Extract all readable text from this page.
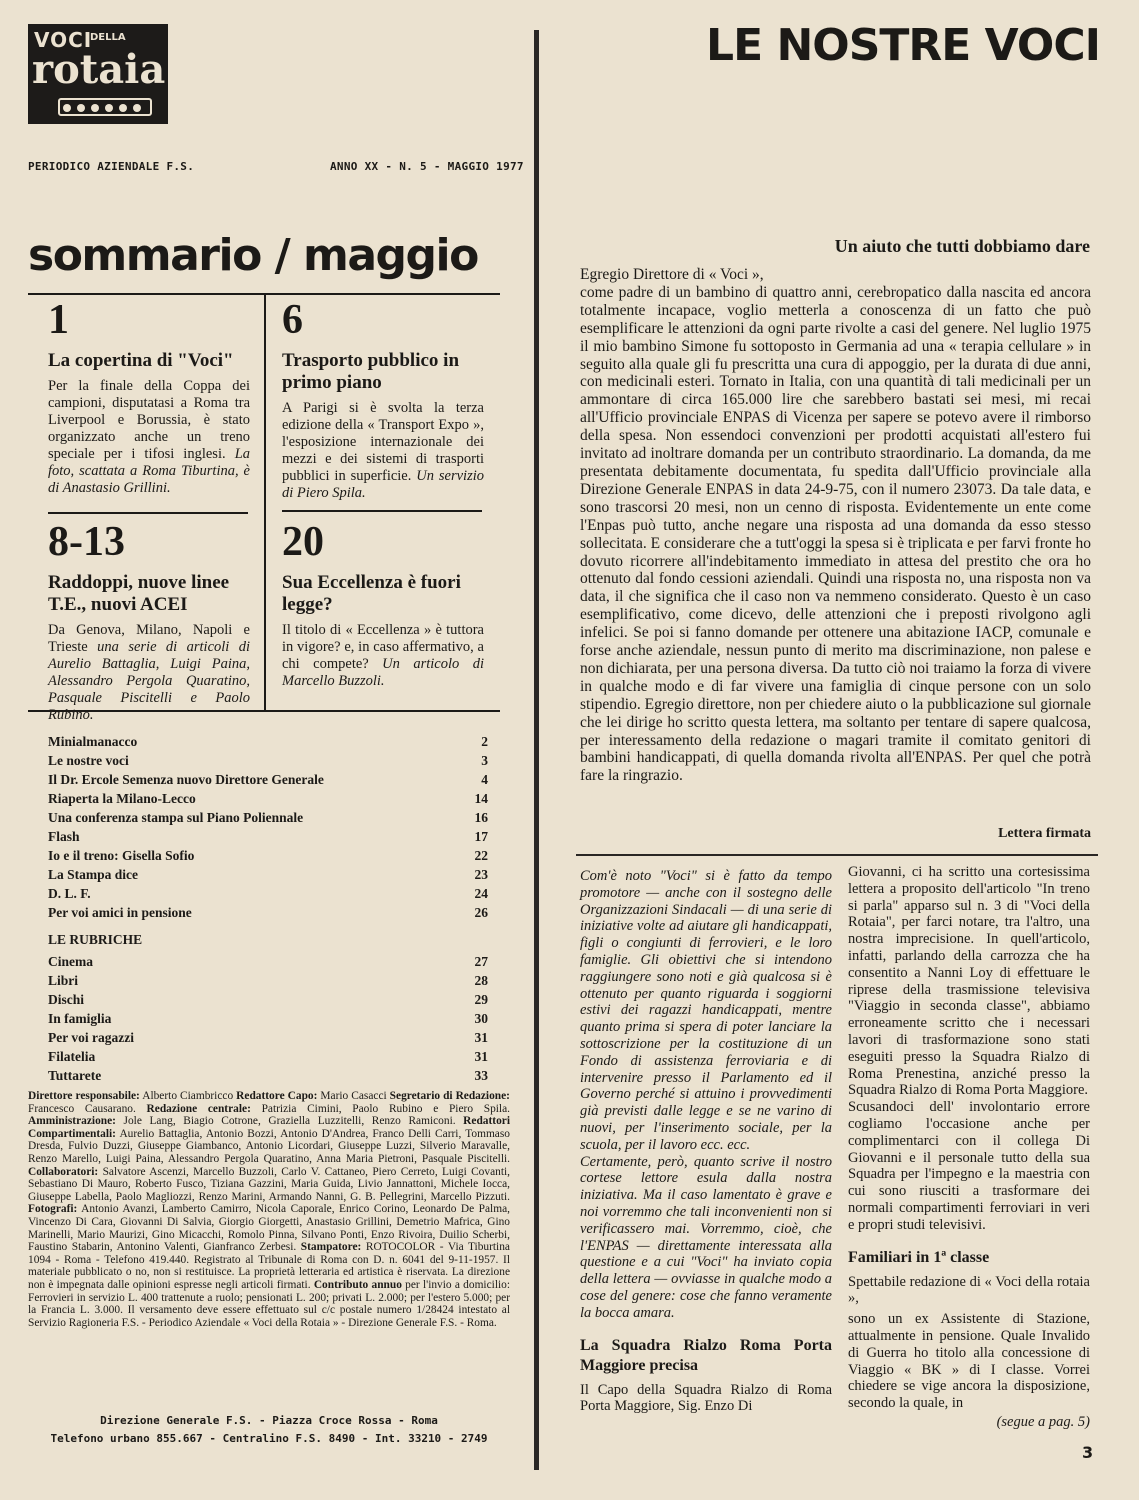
VOCI
DELLA
rotaia
PERIODICO AZIENDALE F.S.	ANNO XX - N. 5 - MAGGIO 1977
sommario / maggio
1
La copertina di "Voci"
Per la finale della Coppa dei campioni, disputatasi a Roma tra Liverpool e Borussia, è stato organizzato anche un treno speciale per i tifosi inglesi. La foto, scattata a Roma Tiburtina, è di Anastasio Grillini.
6
Trasporto pubblico in primo piano
A Parigi si è svolta la terza edizione della « Transport Expo », l'esposizione internazionale dei mezzi e dei sistemi di trasporti pubblici in superficie. Un servizio di Piero Spila.
8-13
Raddoppi, nuove linee T.E., nuovi ACEI
Da Genova, Milano, Napoli e Trieste una serie di articoli di Aurelio Battaglia, Luigi Paina, Alessandro Pergola Quaratino, Pasquale Piscitelli e Paolo Rubino.
20
Sua Eccellenza è fuori legge?
Il titolo di « Eccellenza » è tuttora in vigore? e, in caso affermativo, a chi compete? Un articolo di Marcello Buzzoli.
Minialmanacco	2
Le nostre voci	3
Il Dr. Ercole Semenza nuovo Direttore Generale	4
Riaperta la Milano-Lecco	14
Una conferenza stampa sul Piano Poliennale	16
Flash	17
Io e il treno: Gisella Sofio	22
La Stampa dice	23
D. L. F.	24
Per voi amici in pensione	26
LE RUBRICHE
Cinema	27
Libri	28
Dischi	29
In famiglia	30
Per voi ragazzi	31
Filatelia	31
Tuttarete	33
Direttore responsabile: Alberto Ciambricco Redattore Capo: Mario Casacci Segretario di Redazione: Francesco Causarano. Redazione centrale: Patrizia Cimini, Paolo Rubino e Piero Spila. Amministrazione: Jole Lang, Biagio Cotrone, Graziella Luzzitelli, Renzo Ramiconi. Redattori Compartimentali: Aurelio Battaglia, Antonio Bozzi, Antonio D'Andrea, Franco Delli Carri, Tommaso Dresda, Fulvio Duzzi, Giuseppe Giambanco, Antonio Licordari, Giuseppe Luzzi, Silverio Maravalle, Renzo Marello, Luigi Paina, Alessandro Pergola Quaratino, Anna Maria Pietroni, Pasquale Piscitelli. Collaboratori: Salvatore Ascenzi, Marcello Buzzoli, Carlo V. Cattaneo, Piero Cerreto, Luigi Covanti, Sebastiano Di Mauro, Roberto Fusco, Tiziana Gazzini, Maria Guida, Livio Jannattoni, Michele Iocca, Giuseppe Labella, Paolo Magliozzi, Renzo Marini, Armando Nanni, G. B. Pellegrini, Marcello Pizzuti. Fotografi: Antonio Avanzi, Lamberto Camirro, Nicola Caporale, Enrico Corino, Leonardo De Palma, Vincenzo Di Cara, Giovanni Di Salvia, Giorgio Giorgetti, Anastasio Grillini, Demetrio Mafrica, Gino Marinelli, Mario Maurizi, Gino Micacchi, Romolo Pinna, Silvano Ponti, Enzo Rivoira, Duilio Scherbi, Faustino Stabarin, Antonino Valenti, Gianfranco Zerbesi. Stampatore: ROTOCOLOR - Via Tiburtina 1094 - Roma - Telefono 419.440. Registrato al Tribunale di Roma con D. n. 6041 del 9-11-1957. Il materiale pubblicato o no, non si restituisce. La proprietà letteraria ed artistica è riservata. La direzione non è impegnata dalle opinioni espresse negli articoli firmati. Contributo annuo per l'invio a domicilio: Ferrovieri in servizio L. 400 trattenute a ruolo; pensionati L. 200; privati L. 2.000; per l'estero 5.000; per la Francia L. 3.000. Il versamento deve essere effettuato sul c/c postale numero 1/28424 intestato al Servizio Ragioneria F.S. - Periodico Aziendale « Voci della Rotaia » - Direzione Generale F.S. - Roma.
Direzione Generale F.S. - Piazza Croce Rossa - Roma
Telefono urbano 855.667 - Centralino F.S. 8490 - Int. 33210 - 2749
LE NOSTRE VOCI
Un aiuto che tutti dobbiamo dare

Egregio Direttore di « Voci »,

come padre di un bambino di quattro anni, cerebropatico dalla nascita ed ancora totalmente incapace, voglio metterla a conoscenza di un fatto che può esemplificare le attenzioni da ogni parte rivolte a casi del genere. Nel luglio 1975 il mio bambino Simone fu sottoposto in Germania ad una « terapia cellulare » in seguito alla quale gli fu prescritta una cura di appoggio, per la durata di due anni, con medicinali esteri. Tornato in Italia, con una quantità di tali medicinali per un ammontare di circa 165.000 lire che sarebbero bastati sei mesi, mi recai all'Ufficio provinciale ENPAS di Vicenza per sapere se potevo avere il rimborso della spesa. Non essendoci convenzioni per prodotti acquistati all'estero fui invitato ad inoltrare domanda per un contributo straordinario. La domanda, da me presentata debitamente documentata, fu spedita dall'Ufficio provinciale alla Direzione Generale ENPAS in data 24-9-75, con il numero 23073. Da tale data, e sono trascorsi 20 mesi, non un cenno di risposta. Evidentemente un ente come l'Enpas può tutto, anche negare una risposta ad una domanda da esso stesso sollecitata. E considerare che a tutt'oggi la spesa si è triplicata e per farvi fronte ho dovuto ricorrere all'indebitamento immediato in attesa del prestito che ora ho ottenuto dal fondo cessioni aziendali. Quindi una risposta no, una risposta non va data, il che significa che il caso non va nemmeno considerato. Questo è un caso esemplificativo, come dicevo, delle attenzioni che i preposti rivolgono agli infelici. Se poi si fanno domande per ottenere una abitazione IACP, comunale e forse anche aziendale, nessun punto di merito ma discriminazione, non palese e non dichiarata, per una persona diversa. Da tutto ciò noi traiamo la forza di vivere in qualche modo e di far vivere una famiglia di cinque persone con un solo stipendio. Egregio direttore, non per chiedere aiuto o la pubblicazione sul giornale che lei dirige ho scritto questa lettera, ma soltanto per tentare di sapere qualcosa, per interessamento della redazione o magari tramite il comitato genitori di bambini handicappati, di quella domanda rivolta all'ENPAS. Per quel che potrà fare la ringrazio.

Lettera firmata
Com'è noto "Voci" si è fatto da tempo promotore — anche con il sostegno delle Organizzazioni Sindacali — di una serie di iniziative volte ad aiutare gli handicappati, figli o congiunti di ferrovieri, e le loro famiglie. Gli obiettivi che si intendono raggiungere sono noti e già qualcosa si è ottenuto per quanto riguarda i soggiorni estivi dei ragazzi handicappati, mentre quanto prima si spera di poter lanciare la sottoscrizione per la costituzione di un Fondo di assistenza ferroviaria e di intervenire presso il Parlamento ed il Governo perché si attuino i provvedimenti già previsti dalle legge e se ne varino di nuovi, per l'inserimento sociale, per la scuola, per il lavoro ecc. ecc.
Certamente, però, quanto scrive il nostro cortese lettore esula dalla nostra iniziativa. Ma il caso lamentato è grave e noi vorremmo che tali inconvenienti non si verificassero mai. Vorremmo, cioè, che l'ENPAS — direttamente interessata alla questione e a cui "Voci" ha inviato copia della lettera — ovviasse in qualche modo a cose del genere: cose che fanno veramente la bocca amara.
La Squadra Rialzo Roma Porta Maggiore precisa
Il Capo della Squadra Rialzo di Roma Porta Maggiore, Sig. Enzo Di
Giovanni, ci ha scritto una cortesissima lettera a proposito dell'articolo "In treno si parla" apparso sul n. 3 di "Voci della Rotaia", per farci notare, tra l'altro, una nostra imprecisione. In quell'articolo, infatti, parlando della carrozza che ha consentito a Nanni Loy di effettuare le riprese della trasmissione televisiva "Viaggio in seconda classe", abbiamo erroneamente scritto che i necessari lavori di trasformazione sono stati eseguiti presso la Squadra Rialzo di Roma Prenestina, anziché presso la Squadra Rialzo di Roma Porta Maggiore.
Scusandoci dell' involontario errore cogliamo l'occasione anche per complimentarci con il collega Di Giovanni e il personale tutto della sua Squadra per l'impegno e la maestria con cui sono riusciti a trasformare dei normali compartimenti ferroviari in veri e propri studi televisivi.
Familiari in 1ª classe
Spettabile redazione di « Voci della rotaia »,
sono un ex Assistente di Stazione, attualmente in pensione. Quale Invalido di Guerra ho titolo alla concessione di Viaggio « BK » di I classe. Vorrei chiedere se vige ancora la disposizione, secondo la quale, in
(segue a pag. 5)
3
